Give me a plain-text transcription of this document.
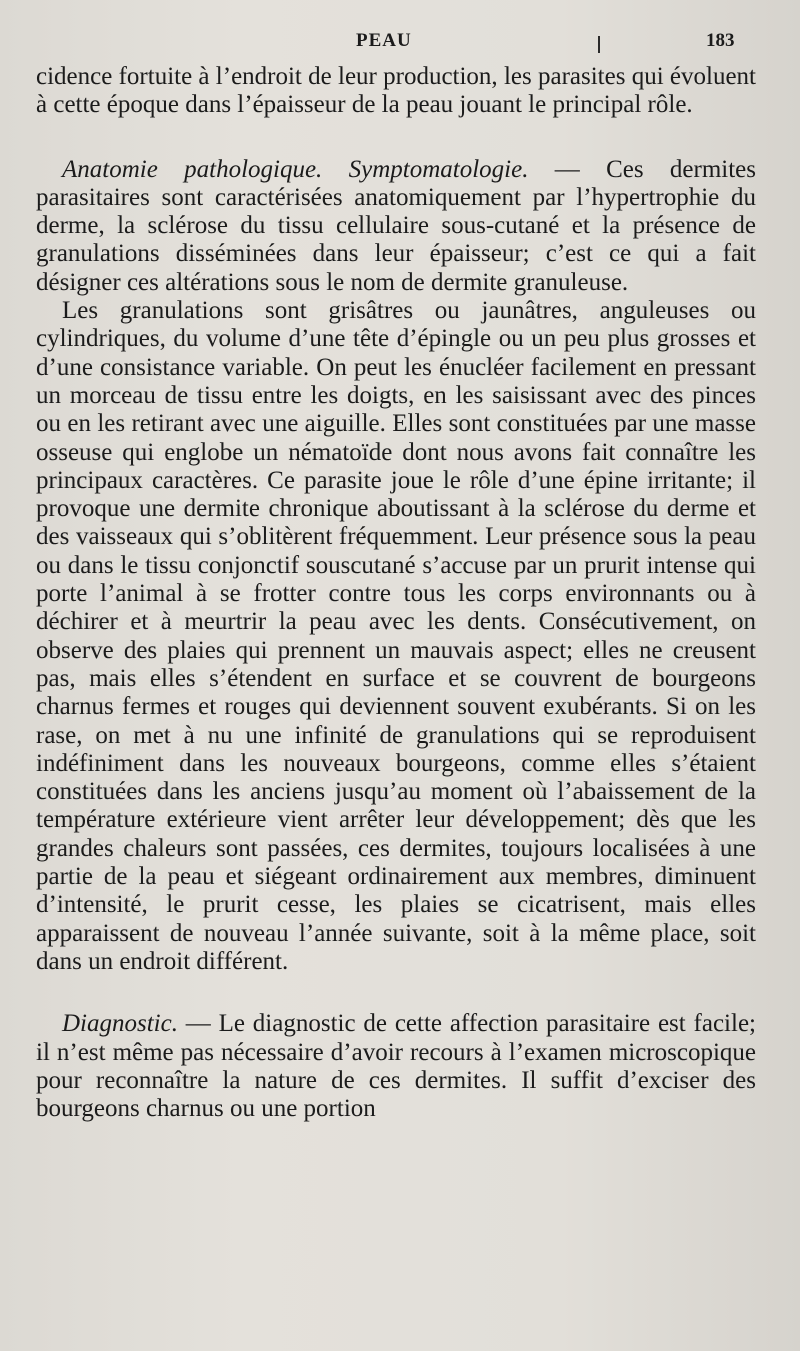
PEAU	183

cidence fortuite à l’endroit de leur production, les parasites qui évoluent à cette époque dans l’épaisseur de la peau jouant le principal rôle.

Anatomie pathologique. Symptomatologie. — Ces dermites parasitaires sont caractérisées anatomiquement par l’hypertrophie du derme, la sclérose du tissu cellulaire sous-cutané et la présence de granulations disséminées dans leur épaisseur; c’est ce qui a fait désigner ces altérations sous le nom de dermite granuleuse.

Les granulations sont grisâtres ou jaunâtres, anguleuses ou cylindriques, du volume d’une tête d’épingle ou un peu plus grosses et d’une consistance variable. On peut les énucléer facilement en pressant un morceau de tissu entre les doigts, en les saisissant avec des pinces ou en les retirant avec une aiguille. Elles sont constituées par une masse osseuse qui englobe un nématoïde dont nous avons fait connaître les principaux caractères. Ce parasite joue le rôle d’une épine irritante; il provoque une dermite chronique aboutissant à la sclérose du derme et des vaisseaux qui s’oblitèrent fréquemment. Leur présence sous la peau ou dans le tissu conjonctif souscutané s’accuse par un prurit intense qui porte l’animal à se frotter contre tous les corps environnants ou à déchirer et à meurtrir la peau avec les dents. Consécutivement, on observe des plaies qui prennent un mauvais aspect; elles ne creusent pas, mais elles s’étendent en surface et se couvrent de bourgeons charnus fermes et rouges qui deviennent souvent exubérants. Si on les rase, on met à nu une infinité de granulations qui se reproduisent indéfiniment dans les nouveaux bourgeons, comme elles s’étaient constituées dans les anciens jusqu’au moment où l’abaissement de la température extérieure vient arrêter leur développement; dès que les grandes chaleurs sont passées, ces dermites, toujours localisées à une partie de la peau et siégeant ordinairement aux membres, diminuent d’intensité, le prurit cesse, les plaies se cicatrisent, mais elles apparaissent de nouveau l’année suivante, soit à la même place, soit dans un endroit différent.

Diagnostic. — Le diagnostic de cette affection parasitaire est facile; il n’est même pas nécessaire d’avoir recours à l’examen microscopique pour reconnaître la nature de ces dermites. Il suffit d’exciser des bourgeons charnus ou une portion
